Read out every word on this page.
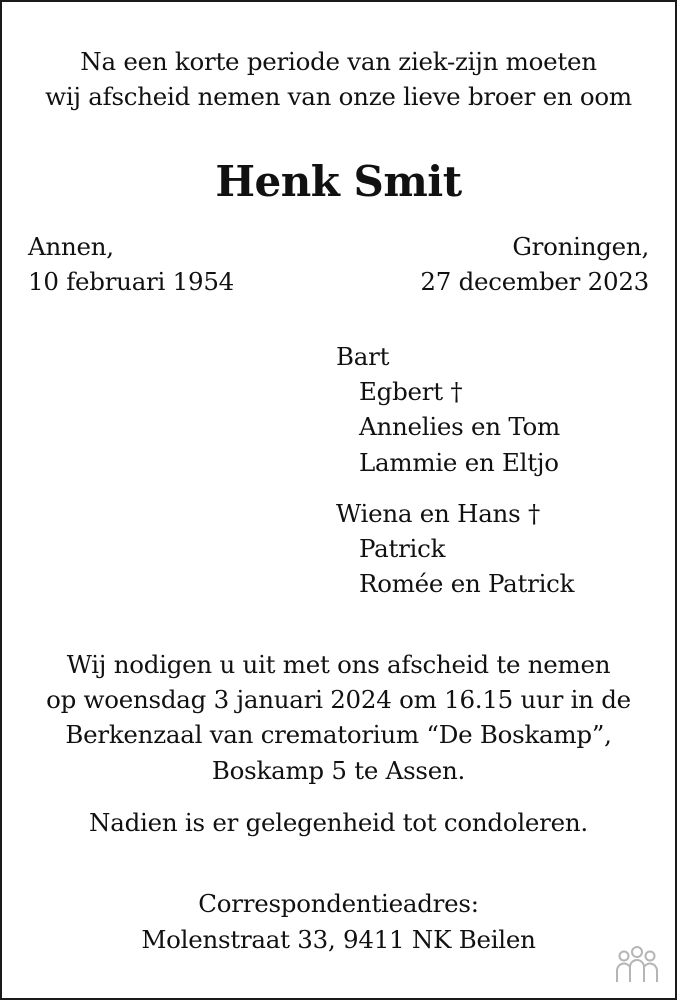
Na een korte periode van ziek-zijn moeten
wij afscheid nemen van onze lieve broer en oom
Henk Smit
Annen,
10 februari 1954
Groningen,
27 december 2023
Bart
Egbert †
Annelies en Tom
Lammie en Eltjo
Wiena en Hans †
Patrick
Romée en Patrick
Wij nodigen u uit met ons afscheid te nemen
op woensdag 3 januari 2024 om 16.15 uur in de
Berkenzaal van crematorium “De Boskamp”,
Boskamp 5 te Assen.
Nadien is er gelegenheid tot condoleren.
Correspondentieadres:
Molenstraat 33, 9411 NK Beilen
